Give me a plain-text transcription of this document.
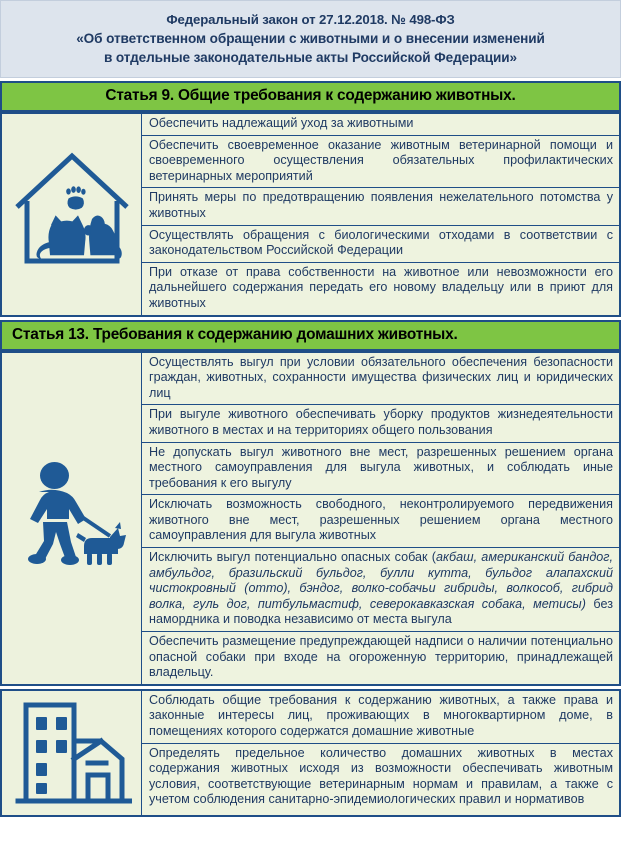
Федеральный закон от 27.12.2018. № 498-ФЗ
«Об ответственном обращении с животными и о внесении изменений
в отдельные законодательные акты Российской Федерации»
Статья 9. Общие требования к содержанию животных.
Обеспечить надлежащий уход за животными
Обеспечить своевременное оказание животным ветеринарной помощи и своевременного осуществления обязательных профилактических ветеринарных мероприятий
Принять меры по предотвращению появления нежелательного потомства у животных
Осуществлять обращения с биологическими отходами в соответствии с законодательством Российской Федерации
При отказе от права собственности на животное или невозможности его дальнейшего содержания передать его новому владельцу или в приют для животных
Статья 13. Требования к содержанию домашних животных.
Осуществлять выгул при условии обязательного обеспечения безопасности граждан, животных, сохранности имущества физических лиц и юридических лиц
При выгуле животного обеспечивать уборку продуктов жизнедеятельности животного в местах и на территориях общего пользования
Не допускать выгул животного вне мест, разрешенных решением органа местного самоуправления для выгула животных, и соблюдать иные требования к его выгулу
Исключать возможность свободного, неконтролируемого передвижения животного вне мест, разрешенных решением органа местного самоуправления для выгула животных
Исключить выгул потенциально опасных собак (акбаш, американский бандог, амбульдог, бразильский бульдог, булли кутта, бульдог алапахский чистокровный (отто), бэндог, волко-собачьи гибриды, волкособ, гибрид волка, гуль дог, питбульмастиф, северокавказская собака, метисы) без намордника и поводка независимо от места выгула
Обеспечить размещение предупреждающей надписи о наличии потенциально опасной собаки при входе на огороженную территорию, принадлежащей владельцу.
Соблюдать общие требования к содержанию животных, а также права и законные интересы лиц, проживающих в многоквартирном доме, в помещениях которого содержатся домашние животные
Определять предельное количество домашних животных в местах содержания животных исходя из возможности обеспечивать животным условия, соответствующие ветеринарным нормам и правилам, а также с учетом соблюдения санитарно-эпидемиологических правил и нормативов
